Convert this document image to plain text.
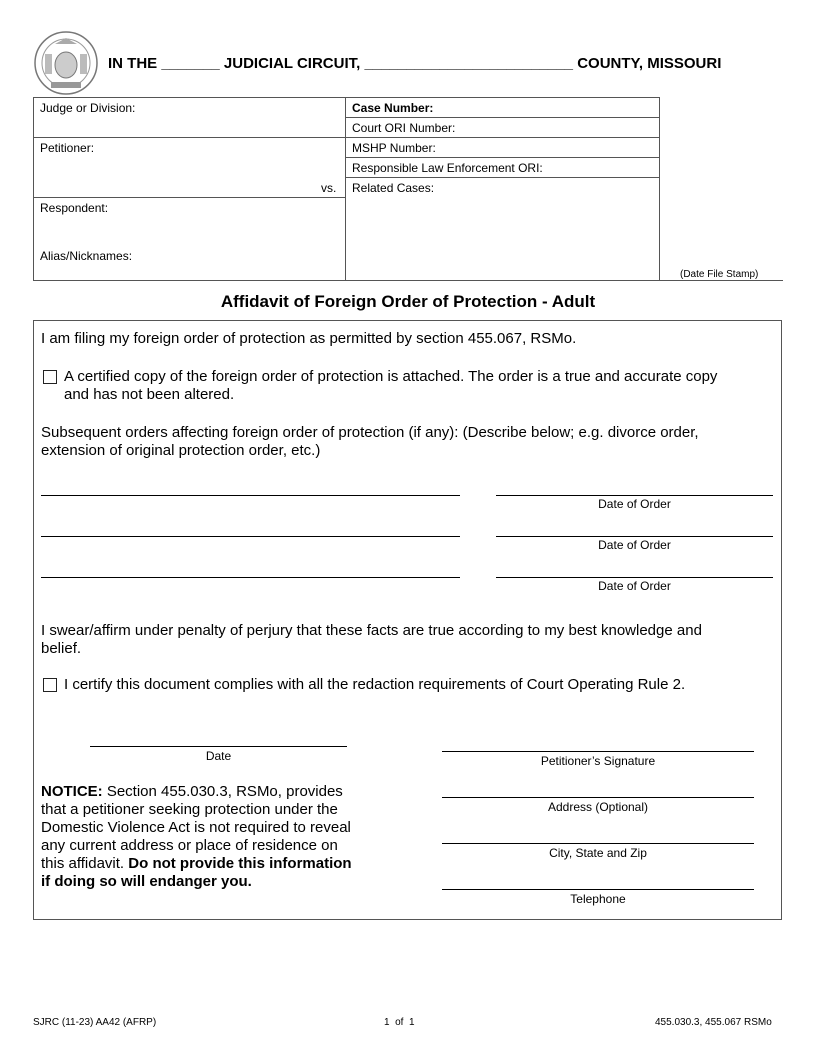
IN THE _______ JUDICIAL CIRCUIT, _________________________ COUNTY, MISSOURI
Judge or Division:
Petitioner:
vs.
Respondent:
Alias/Nicknames:
Case Number:
Court ORI Number:
MSHP Number:
Responsible Law Enforcement ORI:
Related Cases:
(Date File Stamp)
Affidavit of Foreign Order of Protection - Adult
I am filing my foreign order of protection as permitted by section 455.067, RSMo.
A certified copy of the foreign order of protection is attached. The order is a true and accurate copy
and has not been altered.
Subsequent orders affecting foreign order of protection (if any): (Describe below; e.g. divorce order,
extension of original protection order, etc.)
Date of Order
Date of Order
Date of Order
I swear/affirm under penalty of perjury that these facts are true according to my best knowledge and
belief.
I certify this document complies with all the redaction requirements of Court Operating Rule 2.
Date	Petitioner’s Signature
Address (Optional)
City, State and Zip
Telephone
NOTICE: Section 455.030.3, RSMo, provides
that a petitioner seeking protection under the
Domestic Violence Act is not required to reveal
any current address or place of residence on
this affidavit. Do not provide this information
if doing so will endanger you.
SJRC (11-23) AA42 (AFRP)	1  of  1	455.030.3, 455.067 RSMo
